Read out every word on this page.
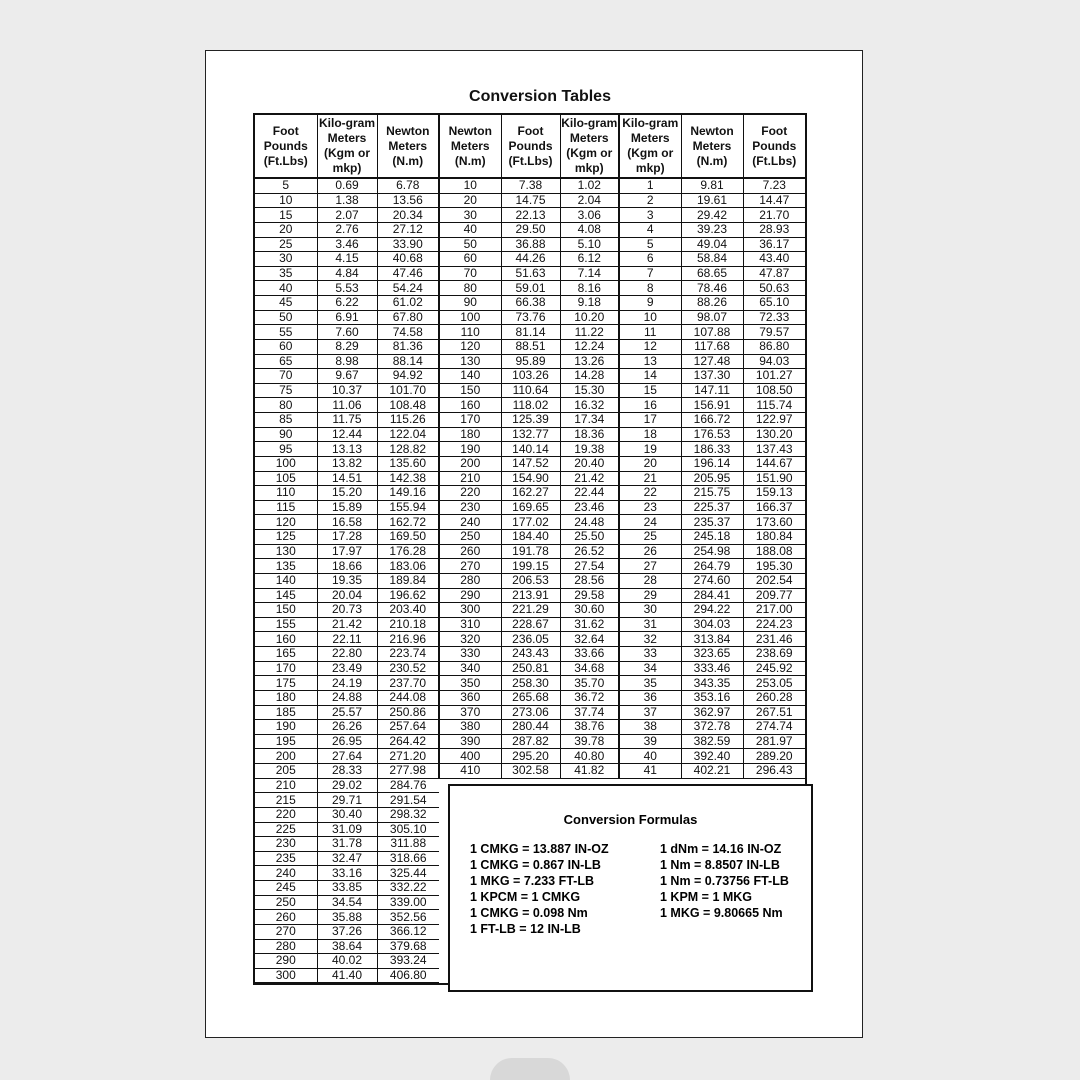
Conversion Tables
Foot Pounds (Ft.Lbs)	Kilo-gram Meters (Kgm or mkp)	Newton Meters (N.m)	Newton Meters (N.m)	Foot Pounds (Ft.Lbs)	Kilo-gram Meters (Kgm or mkp)	Kilo-gram Meters (Kgm or mkp)	Newton Meters (N.m)	Foot Pounds (Ft.Lbs)
5	0.69	6.78	10	7.38	1.02	1	9.81	7.23
10	1.38	13.56	20	14.75	2.04	2	19.61	14.47
15	2.07	20.34	30	22.13	3.06	3	29.42	21.70
20	2.76	27.12	40	29.50	4.08	4	39.23	28.93
25	3.46	33.90	50	36.88	5.10	5	49.04	36.17
30	4.15	40.68	60	44.26	6.12	6	58.84	43.40
35	4.84	47.46	70	51.63	7.14	7	68.65	47.87
40	5.53	54.24	80	59.01	8.16	8	78.46	50.63
45	6.22	61.02	90	66.38	9.18	9	88.26	65.10
50	6.91	67.80	100	73.76	10.20	10	98.07	72.33
55	7.60	74.58	110	81.14	11.22	11	107.88	79.57
60	8.29	81.36	120	88.51	12.24	12	117.68	86.80
65	8.98	88.14	130	95.89	13.26	13	127.48	94.03
70	9.67	94.92	140	103.26	14.28	14	137.30	101.27
75	10.37	101.70	150	110.64	15.30	15	147.11	108.50
80	11.06	108.48	160	118.02	16.32	16	156.91	115.74
85	11.75	115.26	170	125.39	17.34	17	166.72	122.97
90	12.44	122.04	180	132.77	18.36	18	176.53	130.20
95	13.13	128.82	190	140.14	19.38	19	186.33	137.43
100	13.82	135.60	200	147.52	20.40	20	196.14	144.67
105	14.51	142.38	210	154.90	21.42	21	205.95	151.90
110	15.20	149.16	220	162.27	22.44	22	215.75	159.13
115	15.89	155.94	230	169.65	23.46	23	225.37	166.37
120	16.58	162.72	240	177.02	24.48	24	235.37	173.60
125	17.28	169.50	250	184.40	25.50	25	245.18	180.84
130	17.97	176.28	260	191.78	26.52	26	254.98	188.08
135	18.66	183.06	270	199.15	27.54	27	264.79	195.30
140	19.35	189.84	280	206.53	28.56	28	274.60	202.54
145	20.04	196.62	290	213.91	29.58	29	284.41	209.77
150	20.73	203.40	300	221.29	30.60	30	294.22	217.00
155	21.42	210.18	310	228.67	31.62	31	304.03	224.23
160	22.11	216.96	320	236.05	32.64	32	313.84	231.46
165	22.80	223.74	330	243.43	33.66	33	323.65	238.69
170	23.49	230.52	340	250.81	34.68	34	333.46	245.92
175	24.19	237.70	350	258.30	35.70	35	343.35	253.05
180	24.88	244.08	360	265.68	36.72	36	353.16	260.28
185	25.57	250.86	370	273.06	37.74	37	362.97	267.51
190	26.26	257.64	380	280.44	38.76	38	372.78	274.74
195	26.95	264.42	390	287.82	39.78	39	382.59	281.97
200	27.64	271.20	400	295.20	40.80	40	392.40	289.20
205	28.33	277.98	410	302.58	41.82	41	402.21	296.43
210	29.02	284.76						
215	29.71	291.54						
220	30.40	298.32						
225	31.09	305.10						
230	31.78	311.88						
235	32.47	318.66						
240	33.16	325.44						
245	33.85	332.22						
250	34.54	339.00						
260	35.88	352.56						
270	37.26	366.12						
280	38.64	379.68						
290	40.02	393.24						
300	41.40	406.80						
Conversion Formulas
1 CMKG = 13.887 IN-OZ
1 CMKG = 0.867 IN-LB
1 MKG = 7.233 FT-LB
1 KPCM = 1 CMKG
1 CMKG = 0.098 Nm
1 FT-LB = 12 IN-LB
1 dNm = 14.16 IN-OZ
1 Nm = 8.8507 IN-LB
1 Nm = 0.73756 FT-LB
1 KPM = 1 MKG
1 MKG = 9.80665 Nm
